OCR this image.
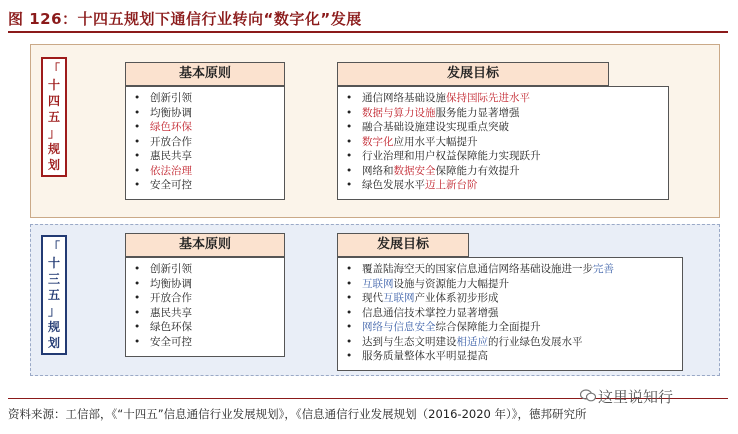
图 126：十四五规划下通信行业转向“数字化”发展
「
十
四
五
」
规
划
基本原则
• 创新引领
• 均衡协调
• 绿色环保
• 开放合作
• 惠民共享
• 依法治理
• 安全可控
发展目标
• 通信网络基础设施保持国际先进水平
• 数据与算力设施服务能力显著增强
• 融合基础设施建设实现重点突破
• 数字化应用水平大幅提升
• 行业治理和用户权益保障能力实现跃升
• 网络和数据安全保障能力有效提升
• 绿色发展水平迈上新台阶
「
十
三
五
」
规
划
基本原则
• 创新引领
• 均衡协调
• 开放合作
• 惠民共享
• 绿色环保
• 安全可控
发展目标
• 覆盖陆海空天的国家信息通信网络基础设施进一步完善
• 互联网设施与资源能力大幅提升
• 现代互联网产业体系初步形成
• 信息通信技术掌控力显著增强
• 网络与信息安全综合保障能力全面提升
• 达到与生态文明建设相适应的行业绿色发展水平
• 服务质量整体水平明显提高
这里说知行
资料来源：工信部，《“十四五”信息通信行业发展规划》，《信息通信行业发展规划（2016-2020 年）》，德邦研究所
